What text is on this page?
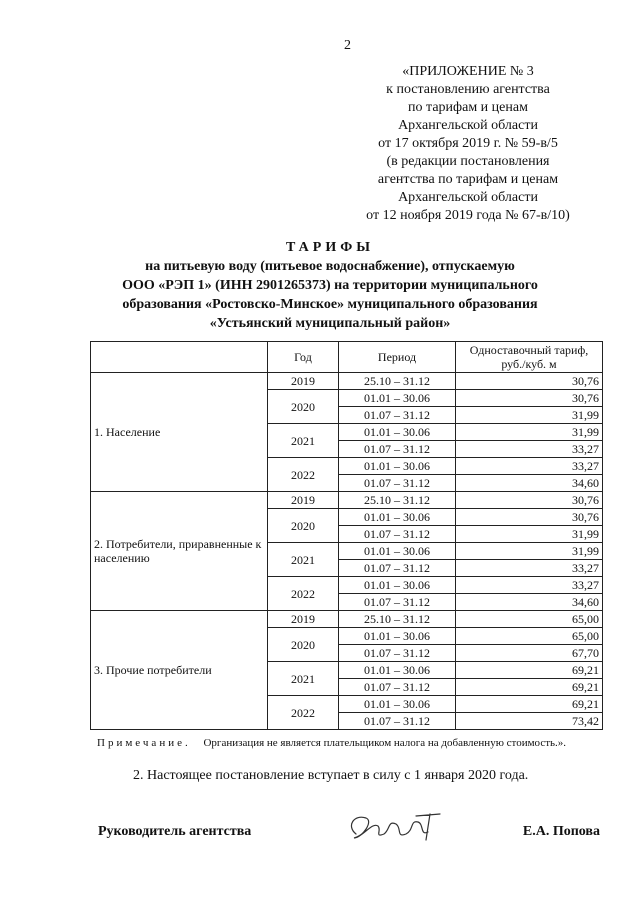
2
«ПРИЛОЖЕНИЕ № 3
к постановлению агентства
по тарифам и ценам
Архангельской области
от 17 октября 2019 г. № 59-в/5
(в редакции постановления
агентства по тарифам и ценам
Архангельской области
от 12 ноября 2019 года № 67-в/10)
ТАРИФЫ
на питьевую воду (питьевое водоснабжение), отпускаемую
ООО «РЭП 1» (ИНН 2901265373) на территории муниципального
образования «Ростовско-Минское» муниципального образования
«Устьянский муниципальный район»
	Год	Период	Одноставочный тариф, руб./куб. м
1. Население	2019	25.10 – 31.12	30,76
	2020	01.01 – 30.06	30,76
		01.07 – 31.12	31,99
	2021	01.01 – 30.06	31,99
		01.07 – 31.12	33,27
	2022	01.01 – 30.06	33,27
		01.07 – 31.12	34,60
2. Потребители, приравненные к населению	2019	25.10 – 31.12	30,76
	2020	01.01 – 30.06	30,76
		01.07 – 31.12	31,99
	2021	01.01 – 30.06	31,99
		01.07 – 31.12	33,27
	2022	01.01 – 30.06	33,27
		01.07 – 31.12	34,60
3. Прочие потребители	2019	25.10 – 31.12	65,00
	2020	01.01 – 30.06	65,00
		01.07 – 31.12	67,70
	2021	01.01 – 30.06	69,21
		01.07 – 31.12	69,21
	2022	01.01 – 30.06	69,21
		01.07 – 31.12	73,42
Примечание. Организация не является плательщиком налога на добавленную стоимость.».
2. Настоящее постановление вступает в силу с 1 января 2020 года.
Руководитель агентства	Е.А. Попова
